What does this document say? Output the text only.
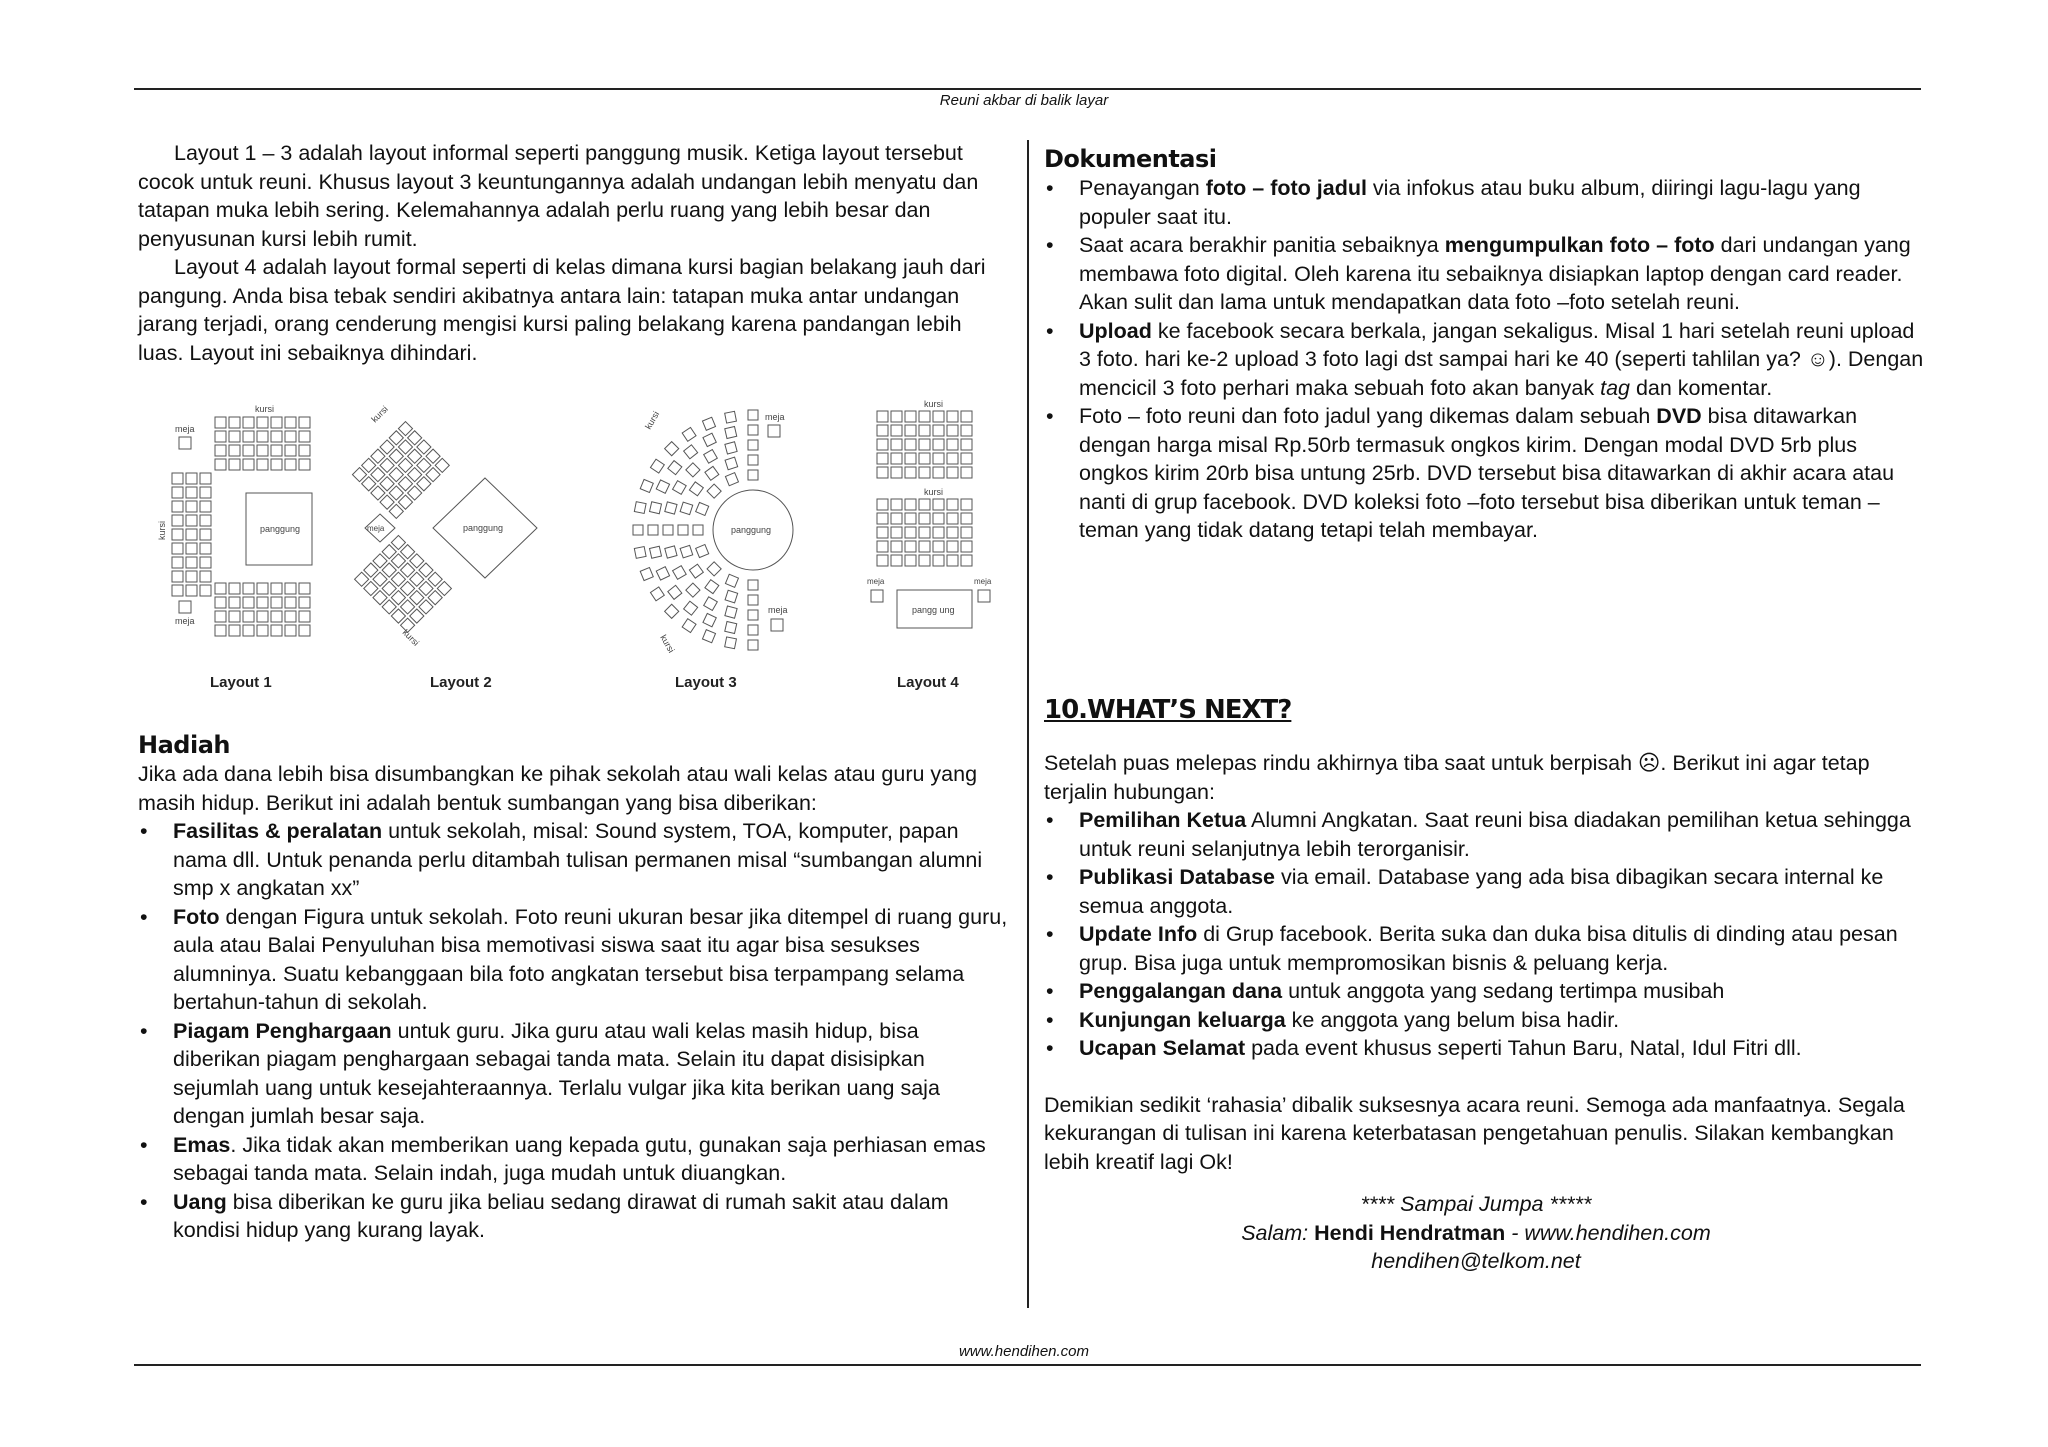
Reuni akbar di balik layar
www.hendihen.com

Layout 1 – 3 adalah layout informal seperti panggung musik. Ketiga layout tersebut cocok untuk reuni. Khusus layout 3 keuntungannya adalah undangan lebih menyatu dan tatapan muka lebih sering. Kelemahannya adalah perlu ruang yang lebih besar dan penyusunan kursi lebih rumit.

Layout 4 adalah layout formal seperti di kelas dimana kursi bagian belakang jauh dari pangung. Anda bisa tebak sendiri akibatnya antara lain: tatapan muka antar undangan jarang terjadi, orang cenderung mengisi kursi paling belakang karena pandangan lebih luas. Layout ini sebaiknya dihindari.

kursi
meja
kursi	panggung
meja
panggung
meja
kursi
kursi
panggung
meja
meja
kursi
kursi
kursi
kursi
meja	meja
pangg ung
Layout 1	Layout 2	Layout 3	Layout 4
Hadiah

Jika ada dana lebih bisa disumbangkan ke pihak sekolah atau wali kelas atau guru yang masih hidup. Berikut ini adalah bentuk sumbangan yang bisa diberikan:

• Fasilitas & peralatan untuk sekolah, misal: Sound system, TOA, komputer, papan nama dll. Untuk penanda perlu ditambah tulisan permanen misal “sumbangan alumni smp x angkatan xx”
• Foto dengan Figura untuk sekolah. Foto reuni ukuran besar jika ditempel di ruang guru, aula atau Balai Penyuluhan bisa memotivasi siswa saat itu agar bisa sesukses alumninya. Suatu kebanggaan bila foto angkatan tersebut bisa terpampang selama bertahun-tahun di sekolah.
• Piagam Penghargaan untuk guru. Jika guru atau wali kelas masih hidup, bisa diberikan piagam penghargaan sebagai tanda mata. Selain itu dapat disisipkan sejumlah uang untuk kesejahteraannya. Terlalu vulgar jika kita berikan uang saja dengan jumlah besar saja.
• Emas. Jika tidak akan memberikan uang kepada gutu, gunakan saja perhiasan emas sebagai tanda mata. Selain indah, juga mudah untuk diuangkan.
• Uang bisa diberikan ke guru jika beliau sedang dirawat di rumah sakit atau dalam kondisi hidup yang kurang layak.
Dokumentasi
• Penayangan foto – foto jadul via infokus atau buku album, diiringi lagu-lagu yang populer saat itu.
• Saat acara berakhir panitia sebaiknya mengumpulkan foto – foto dari undangan yang membawa foto digital. Oleh karena itu sebaiknya disiapkan laptop dengan card reader. Akan sulit dan lama untuk mendapatkan data foto –foto setelah reuni.
• Upload ke facebook secara berkala, jangan sekaligus. Misal 1 hari setelah reuni upload 3 foto. hari ke-2 upload 3 foto lagi dst sampai hari ke 40 (seperti tahlilan ya? ☺). Dengan mencicil 3 foto perhari maka sebuah foto akan banyak tag dan komentar.
• Foto – foto reuni dan foto jadul yang dikemas dalam sebuah DVD bisa ditawarkan dengan harga misal Rp.50rb termasuk ongkos kirim. Dengan modal DVD 5rb plus ongkos kirim 20rb bisa untung 25rb. DVD tersebut bisa ditawarkan di akhir acara atau nanti di grup facebook. DVD koleksi foto –foto tersebut bisa diberikan untuk teman – teman yang tidak datang tetapi telah membayar.
10.WHAT’S NEXT?

Setelah puas melepas rindu akhirnya tiba saat untuk berpisah ☹. Berikut ini agar tetap terjalin hubungan:

• Pemilihan Ketua Alumni Angkatan. Saat reuni bisa diadakan pemilihan ketua sehingga untuk reuni selanjutnya lebih terorganisir.
• Publikasi Database via email. Database yang ada bisa dibagikan secara internal ke semua anggota.
• Update Info di Grup facebook. Berita suka dan duka bisa ditulis di dinding atau pesan grup. Bisa juga untuk mempromosikan bisnis & peluang kerja.
• Penggalangan dana untuk anggota yang sedang tertimpa musibah
• Kunjungan keluarga ke anggota yang belum bisa hadir.
• Ucapan Selamat pada event khusus seperti Tahun Baru, Natal, Idul Fitri dll.

Demikian sedikit ‘rahasia’ dibalik suksesnya acara reuni. Semoga ada manfaatnya. Segala kekurangan di tulisan ini karena keterbatasan pengetahuan penulis. Silakan kembangkan lebih kreatif lagi Ok!

**** Sampai Jumpa *****

Salam: Hendi Hendratman - www.hendihen.com

hendihen@telkom.net
